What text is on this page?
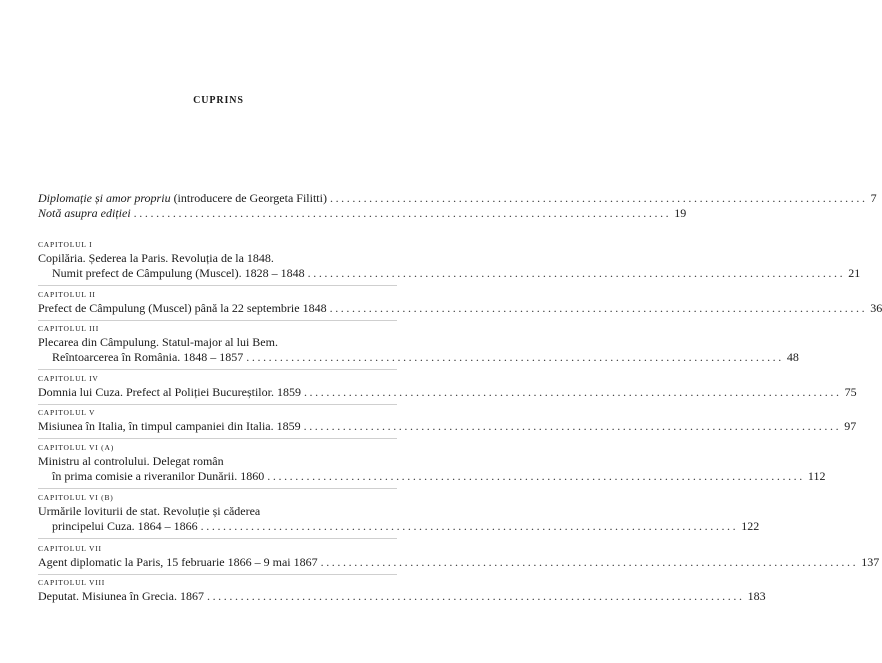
CUPRINS
Diplomație și amor propriu (introducere de Georgeta Filitti) ................................................................................................ 7
Notă asupra ediției ................................................................................................ 19
CAPITOLUL I
Copilăria. Șederea la Paris. Revoluția de la 1848.
Numit prefect de Câmpulung (Muscel). 1828 – 1848 ................................................................................................ 21
CAPITOLUL II
Prefect de Câmpulung (Muscel) până la 22 septembrie 1848 ................................................................................................ 36
CAPITOLUL III
Plecarea din Câmpulung. Statul-major al lui Bem.
Reîntoarcerea în România. 1848 – 1857 ................................................................................................ 48
CAPITOLUL IV
Domnia lui Cuza. Prefect al Poliției Bucureștilor. 1859 ................................................................................................ 75
CAPITOLUL V
Misiunea în Italia, în timpul campaniei din Italia. 1859 ................................................................................................ 97
CAPITOLUL VI (A)
Ministru al controlului. Delegat român
în prima comisie a riveranilor Dunării. 1860 ................................................................................................ 112
CAPITOLUL VI (B)
Urmările loviturii de stat. Revoluție și căderea
principelui Cuza. 1864 – 1866 ................................................................................................ 122
CAPITOLUL VII
Agent diplomatic la Paris, 15 februarie 1866 – 9 mai 1867 ................................................................................................ 137
CAPITOLUL VIII
Deputat. Misiunea în Grecia. 1867 ................................................................................................ 183
